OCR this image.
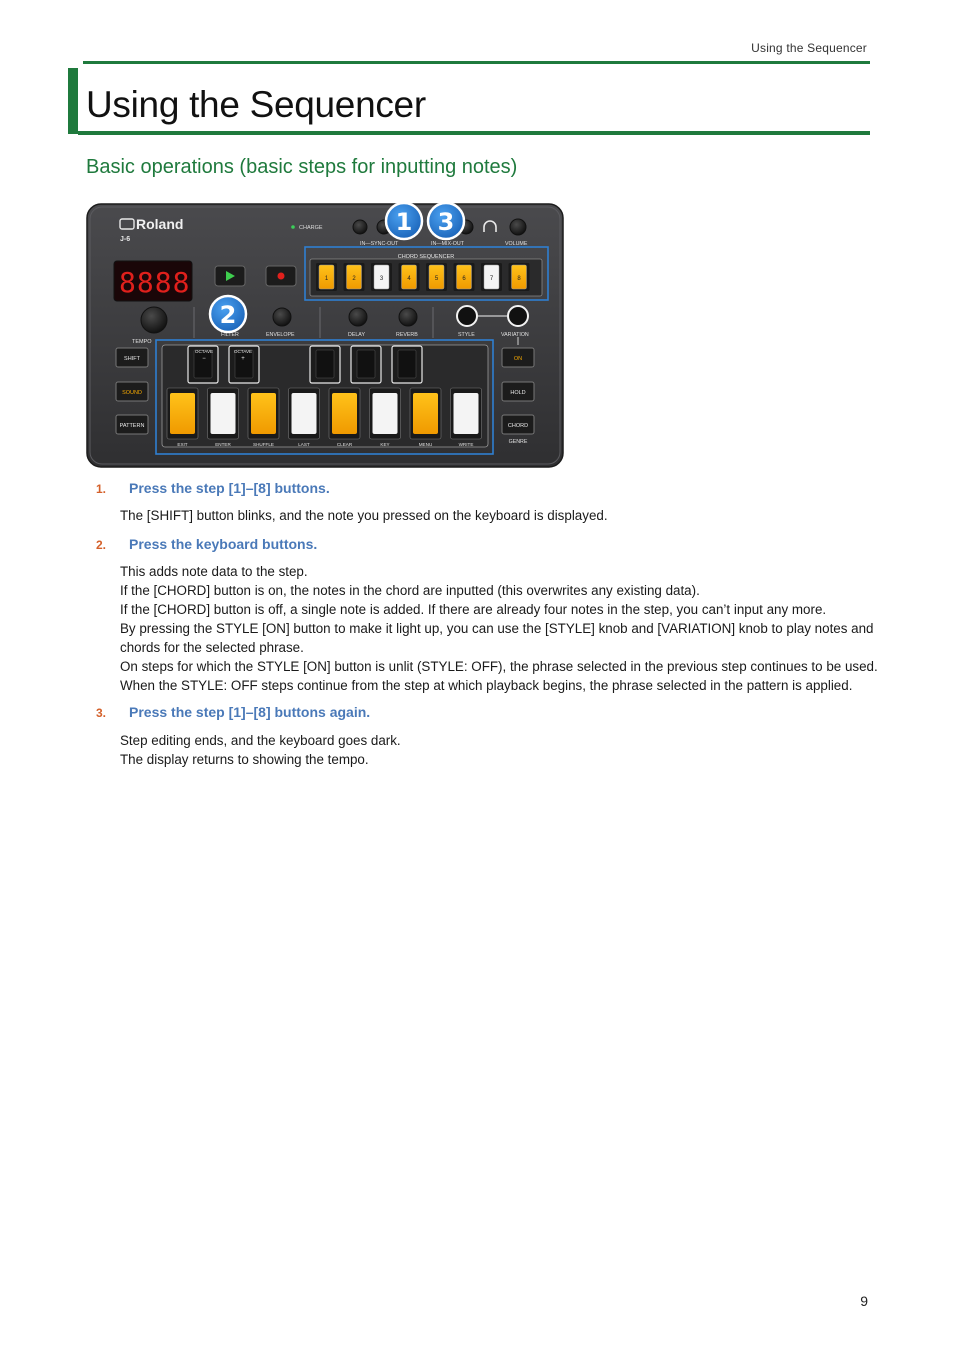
Using the Sequencer
Using the Sequencer
Basic operations (basic steps for inputting notes)
Roland
J-6
CHARGE
IN—SYNC-OUT	IN—MIX-OUT	VOLUME
8888
CHORD SEQUENCER
1	2	3	4	5	6	7	8
TEMPO
FILTER	ENVELOPE	DELAY	REVERB	STYLE	VARIATION
SHIFT
SOUND
PATTERN
ON
HOLD
CHORD
GENRE
EXIT	ENTER	SHUFFLE	LAST	CLEAR	KEY	MENU	WRITE
OCTAVE
−
OCTAVE
+
1 3
2
1. Press the step [1]–[8] buttons.

The [SHIFT] button blinks, and the note you pressed on the keyboard is displayed.

2. Press the keyboard buttons.

This adds note data to the step.

If the [CHORD] button is on, the notes in the chord are inputted (this overwrites any existing data).

If the [CHORD] button is off, a single note is added. If there are already four notes in the step, you can’t input any more.

By pressing the STYLE [ON] button to make it light up, you can use the [STYLE] knob and [VARIATION] knob to play notes and chords for the selected phrase.

On steps for which the STYLE [ON] button is unlit (STYLE: OFF), the phrase selected in the previous step continues to be used. When the STYLE: OFF steps continue from the step at which playback begins, the phrase selected in the pattern is applied.

3. Press the step [1]–[8] buttons again.

Step editing ends, and the keyboard goes dark.

The display returns to showing the tempo.

9
